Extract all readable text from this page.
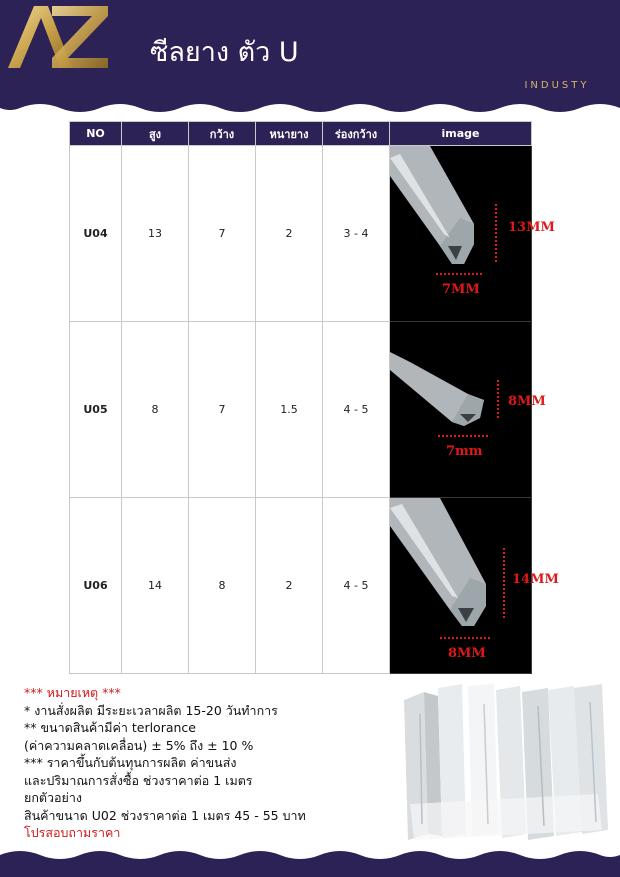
ซีลยาง ตัว U
INDUSTY
NO	สูง	กว้าง	หนายาง	ร่องกว้าง	image
U04	13	7	2	3 - 4	13MM
7MM

U05	8	7	1.5	4 - 5	8MM
7mm

U06	14	8	2	4 - 5	14MM
8MM
*** หมายเหตุ ***
* งานสั่งผลิต มีระยะเวลาผลิต 15-20 วันทำการ
** ขนาดสินค้ามีค่า terlorance
(ค่าความคลาดเคลื่อน) ± 5% ถึง ± 10 %
*** ราคาขึ้นกับต้นทุนการผลิต ค่าขนส่ง
และปริมาณการสั่งซื้อ ช่วงราคาต่อ 1 เมตร
ยกตัวอย่าง
สินค้าขนาด U02 ช่วงราคาต่อ 1 เมตร 45 - 55 บาท
โปรสอบถามราคา
